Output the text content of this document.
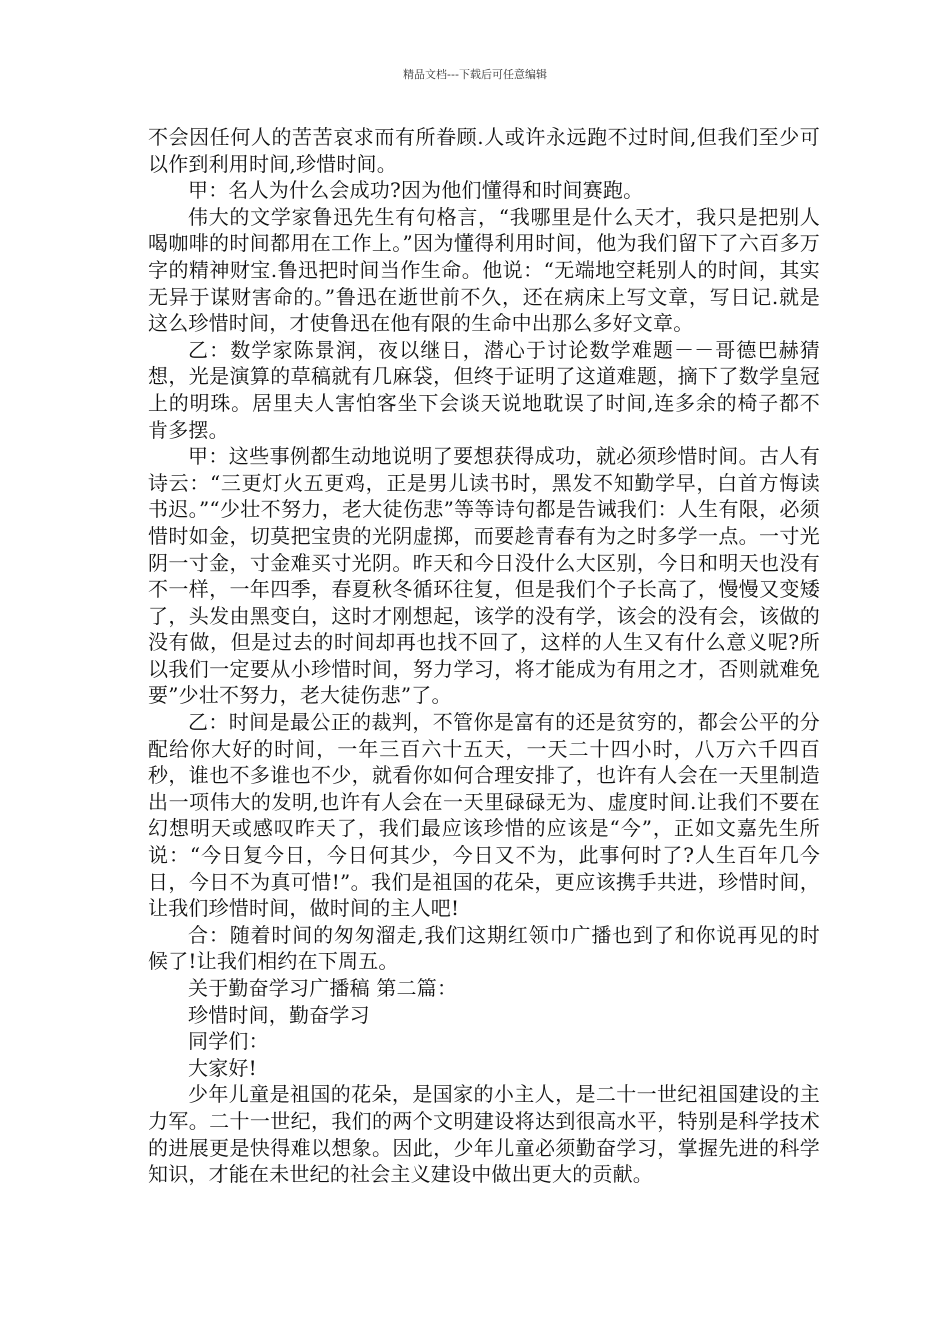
精品文档---下载后可任意编辑

不会因任何人的苦苦哀求而有所眷顾.人或许永远跑不过时间,但我们至少可以作到利用时间,珍惜时间。

甲：名人为什么会成功?因为他们懂得和时间赛跑。

伟大的文学家鲁迅先生有句格言，“我哪里是什么天才，我只是把别人喝咖啡的时间都用在工作上。”因为懂得利用时间，他为我们留下了六百多万字的精神财宝.鲁迅把时间当作生命。他说：“无端地空耗别人的时间，其实无异于谋财害命的。”鲁迅在逝世前不久，还在病床上写文章，写日记.就是这么珍惜时间，才使鲁迅在他有限的生命中出那么多好文章。

乙：数学家陈景润，夜以继日，潜心于讨论数学难题－－哥德巴赫猜想，光是演算的草稿就有几麻袋，但终于证明了这道难题，摘下了数学皇冠上的明珠。居里夫人害怕客坐下会谈天说地耽误了时间,连多余的椅子都不肯多摆。

甲：这些事例都生动地说明了要想获得成功，就必须珍惜时间。古人有诗云：“三更灯火五更鸡，正是男儿读书时，黑发不知勤学早，白首方悔读书迟。”“少壮不努力，老大徒伤悲”等等诗句都是告诫我们：人生有限，必须惜时如金，切莫把宝贵的光阴虚掷，而要趁青春有为之时多学一点。一寸光阴一寸金，寸金难买寸光阴。昨天和今日没什么大区别，今日和明天也没有不一样，一年四季，春夏秋冬循环往复，但是我们个子长高了，慢慢又变矮了，头发由黑变白，这时才刚想起，该学的没有学，该会的没有会，该做的没有做，但是过去的时间却再也找不回了，这样的人生又有什么意义呢?所以我们一定要从小珍惜时间，努力学习，将才能成为有用之才，否则就难免要”少壮不努力，老大徒伤悲”了。

乙：时间是最公正的裁判，不管你是富有的还是贫穷的，都会公平的分配给你大好的时间，一年三百六十五天，一天二十四小时，八万六千四百秒，谁也不多谁也不少，就看你如何合理安排了，也许有人会在一天里制造出一项伟大的发明,也许有人会在一天里碌碌无为、虚度时间.让我们不要在幻想明天或感叹昨天了，我们最应该珍惜的应该是“今”，正如文嘉先生所说：“今日复今日，今日何其少，今日又不为，此事何时了?人生百年几今日，今日不为真可惜!”。我们是祖国的花朵，更应该携手共进，珍惜时间，让我们珍惜时间，做时间的主人吧!

合：随着时间的匆匆溜走,我们这期红领巾广播也到了和你说再见的时候了!让我们相约在下周五。

关于勤奋学习广播稿 第二篇：

珍惜时间，勤奋学习

同学们：

大家好!

少年儿童是祖国的花朵，是国家的小主人，是二十一世纪祖国建设的主力军。二十一世纪，我们的两个文明建设将达到很高水平，特别是科学技术的进展更是快得难以想象。因此，少年儿童必须勤奋学习，掌握先进的科学知识，才能在未世纪的社会主义建设中做出更大的贡献。
